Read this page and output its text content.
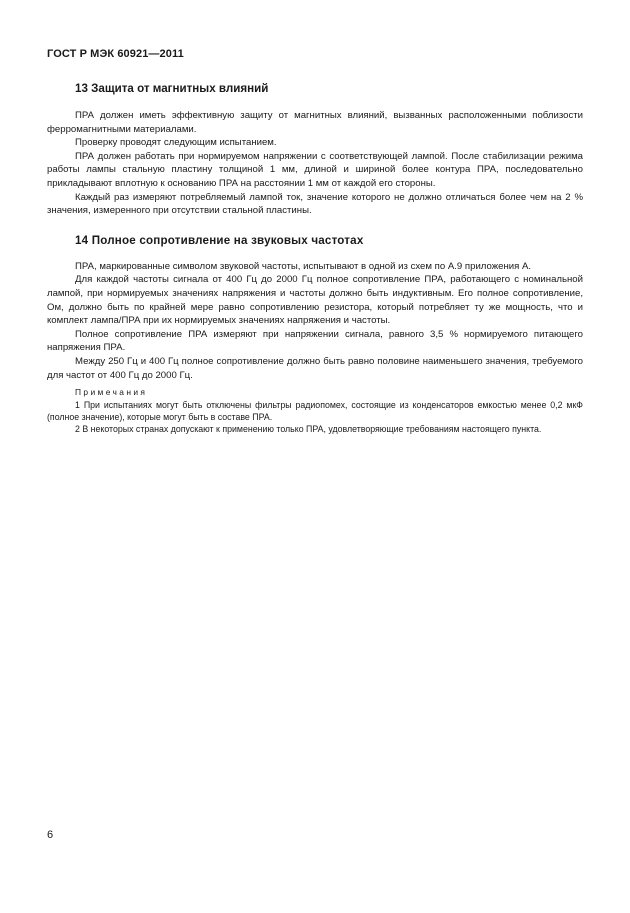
ГОСТ Р МЭК 60921—2011
13 Защита от магнитных влияний

ПРА должен иметь эффективную защиту от магнитных влияний, вызванных расположенными поблизости ферромагнитными материалами.

Проверку проводят следующим испытанием.

ПРА должен работать при нормируемом напряжении с соответствующей лампой. После стабилизации режима работы лампы стальную пластину толщиной 1 мм, длиной и шириной более контура ПРА, последовательно прикладывают вплотную к основанию ПРА на расстоянии 1 мм от каждой его стороны.

Каждый раз измеряют потребляемый лампой ток, значение которого не должно отличаться более чем на 2 % значения, измеренного при отсутствии стальной пластины.

14 Полное сопротивление на звуковых частотах

ПРА, маркированные символом звуковой частоты, испытывают в одной из схем по А.9 приложения А.

Для каждой частоты сигнала от 400 Гц до 2000 Гц полное сопротивление ПРА, работающего с номинальной лампой, при нормируемых значениях напряжения и частоты должно быть индуктивным. Его полное сопротивление, Ом, должно быть по крайней мере равно сопротивлению резистора, который потребляет ту же мощность, что и комплект лампа/ПРА при их нормируемых значениях напряжения и частоты.

Полное сопротивление ПРА измеряют при напряжении сигнала, равного 3,5 % нормируемого питающего напряжения ПРА.

Между 250 Гц и 400 Гц полное сопротивление должно быть равно половине наименьшего значения, требуемого для частот от 400 Гц до 2000 Гц.

Примечания

1 При испытаниях могут быть отключены фильтры радиопомех, состоящие из конденсаторов емкостью менее 0,2 мкФ (полное значение), которые могут быть в составе ПРА.

2 В некоторых странах допускают к применению только ПРА, удовлетворяющие требованиям настоящего пункта.

6
